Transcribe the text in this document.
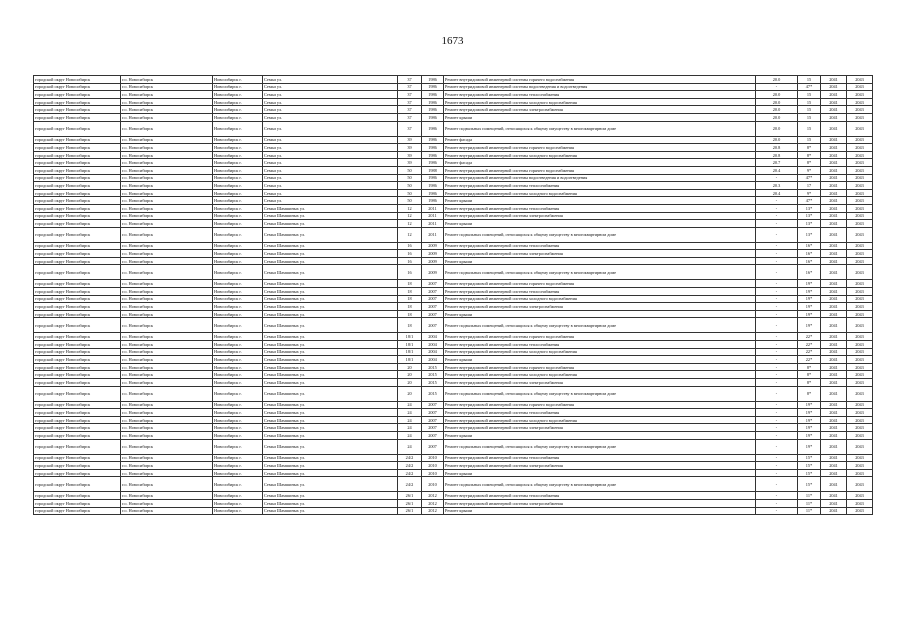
1673
городской округ Новосибирск	г.о. Новосибирск	Новосибирск г.	Семьи ул.	37	1986	Ремонт внутридомовой инженерной системы горячего водоснабжения	20.0	15	2041	2043
городской округ Новосибирск	г.о. Новосибирск	Новосибирск г.	Семьи ул.	37	1986	Ремонт внутридомовой инженерной системы водоотведения и водоотведения	-	47*	2041	2043
городской округ Новосибирск	г.о. Новосибирск	Новосибирск г.	Семьи ул.	37	1986	Ремонт внутридомовой инженерной системы теплоснабжения	20.0	15	2041	2043
городской округ Новосибирск	г.о. Новосибирск	Новосибирск г.	Семьи ул.	37	1986	Ремонт внутридомовой инженерной системы холодного водоснабжения	20.0	15	2041	2043
городской округ Новосибирск	г.о. Новосибирск	Новосибирск г.	Семьи ул.	37	1986	Ремонт внутридомовой инженерной системы электроснабжения	20.0	15	2041	2043
городской округ Новосибирск	г.о. Новосибирск	Новосибирск г.	Семьи ул.	37	1986	Ремонт крыши	20.0	15	2041	2043
городской округ Новосибирск	г.о. Новосибирск	Новосибирск г.	Семьи ул.	37	1986	Ремонт подвальных помещений, относящихся к общему имуществу в многоквартирном доме	20.0	15	2041	2043
городской округ Новосибирск	г.о. Новосибирск	Новосибирск г.	Семьи ул.	39	1986	Ремонт фасада	20.0	15	2041	2043
городской округ Новосибирск	г.о. Новосибирск	Новосибирск г.	Семьи ул.	39	1986	Ремонт внутридомовой инженерной системы горячего водоснабжения	20.8	8*	2041	2043
городской округ Новосибирск	г.о. Новосибирск	Новосибирск г.	Семьи ул.	39	1986	Ремонт внутридомовой инженерной системы холодного водоснабжения	20.8	8*	2041	2043
городской округ Новосибирск	г.о. Новосибирск	Новосибирск г.	Семьи ул.	39	1986	Ремонт фасада	20.7	8*	2041	2043
городской округ Новосибирск	г.о. Новосибирск	Новосибирск г.	Семьи ул.	50	1988	Ремонт внутридомовой инженерной системы горячего водоснабжения	20.4	9*	2041	2043
городской округ Новосибирск	г.о. Новосибирск	Новосибирск г.	Семьи ул.	50	1986	Ремонт внутридомовой инженерной системы водоотведения и водоотведения	-	47*	2041	2043
городской округ Новосибирск	г.о. Новосибирск	Новосибирск г.	Семьи ул.	50	1986	Ремонт внутридомовой инженерной системы теплоснабжения	20.3	17	2041	2043
городской округ Новосибирск	г.о. Новосибирск	Новосибирск г.	Семьи ул.	50	1986	Ремонт внутридомовой инженерной системы холодного водоснабжения	20.4	9*	2041	2043
городской округ Новосибирск	г.о. Новосибирск	Новосибирск г.	Семьи ул.	50	1986	Ремонт крыши	-	47*	2041	2043
городской округ Новосибирск	г.о. Новосибирск	Новосибирск г.	Семьи Шамшиных ул.	12	2011	Ремонт внутридомовой инженерной системы теплоснабжения	-	13*	2041	2043
городской округ Новосибирск	г.о. Новосибирск	Новосибирск г.	Семьи Шамшиных ул.	12	2011	Ремонт внутридомовой инженерной системы электроснабжения	-	13*	2041	2043
городской округ Новосибирск	г.о. Новосибирск	Новосибирск г.	Семьи Шамшиных ул.	12	2011	Ремонт крыши	-	13*	2041	2043
городской округ Новосибирск	г.о. Новосибирск	Новосибирск г.	Семьи Шамшиных ул.	12	2011	Ремонт подвальных помещений, относящихся к общему имуществу в многоквартирном доме	-	13*	2041	2043
городской округ Новосибирск	г.о. Новосибирск	Новосибирск г.	Семьи Шамшиных ул.	16	2009	Ремонт внутридомовой инженерной системы теплоснабжения	-	16*	2041	2043
городской округ Новосибирск	г.о. Новосибирск	Новосибирск г.	Семьи Шамшиных ул.	16	2009	Ремонт внутридомовой инженерной системы электроснабжения	-	16*	2041	2043
городской округ Новосибирск	г.о. Новосибирск	Новосибирск г.	Семьи Шамшиных ул.	16	2009	Ремонт крыши	-	16*	2041	2043
городской округ Новосибирск	г.о. Новосибирск	Новосибирск г.	Семьи Шамшиных ул.	16	2009	Ремонт подвальных помещений, относящихся к общему имуществу в многоквартирном доме	-	16*	2041	2043
городской округ Новосибирск	г.о. Новосибирск	Новосибирск г.	Семьи Шамшиных ул.	18	2007	Ремонт внутридомовой инженерной системы горячего водоснабжения	-	19*	2041	2043
городской округ Новосибирск	г.о. Новосибирск	Новосибирск г.	Семьи Шамшиных ул.	18	2007	Ремонт внутридомовой инженерной системы теплоснабжения	-	19*	2041	2043
городской округ Новосибирск	г.о. Новосибирск	Новосибирск г.	Семьи Шамшиных ул.	18	2007	Ремонт внутридомовой инженерной системы холодного водоснабжения	-	19*	2041	2043
городской округ Новосибирск	г.о. Новосибирск	Новосибирск г.	Семьи Шамшиных ул.	18	2007	Ремонт внутридомовой инженерной системы электроснабжения	-	19*	2041	2043
городской округ Новосибирск	г.о. Новосибирск	Новосибирск г.	Семьи Шамшиных ул.	18	2007	Ремонт крыши	-	19*	2041	2043
городской округ Новосибирск	г.о. Новосибирск	Новосибирск г.	Семьи Шамшиных ул.	18	2007	Ремонт подвальных помещений, относящихся к общему имуществу в многоквартирном доме	-	19*	2041	2043
городской округ Новосибирск	г.о. Новосибирск	Новосибирск г.	Семьи Шамшиных ул.	18/1	2004	Ремонт внутридомовой инженерной системы горячего водоснабжения	-	22*	2041	2043
городской округ Новосибирск	г.о. Новосибирск	Новосибирск г.	Семьи Шамшиных ул.	18/1	2004	Ремонт внутридомовой инженерной системы теплоснабжения	-	22*	2041	2043
городской округ Новосибирск	г.о. Новосибирск	Новосибирск г.	Семьи Шамшиных ул.	18/1	2004	Ремонт внутридомовой инженерной системы холодного водоснабжения	-	22*	2041	2043
городской округ Новосибирск	г.о. Новосибирск	Новосибирск г.	Семьи Шамшиных ул.	18/1	2004	Ремонт крыши	-	22*	2041	2043
городской округ Новосибирск	г.о. Новосибирск	Новосибирск г.	Семьи Шамшиных ул.	20	2015	Ремонт внутридомовой инженерной системы горячего водоснабжения	-	8*	2041	2043
городской округ Новосибирск	г.о. Новосибирск	Новосибирск г.	Семьи Шамшиных ул.	20	2015	Ремонт внутридомовой инженерной системы холодного водоснабжения	-	8*	2041	2043
городской округ Новосибирск	г.о. Новосибирск	Новосибирск г.	Семьи Шамшиных ул.	20	2015	Ремонт внутридомовой инженерной системы электроснабжения	-	8*	2041	2043
городской округ Новосибирск	г.о. Новосибирск	Новосибирск г.	Семьи Шамшиных ул.	20	2015	Ремонт подвальных помещений, относящихся к общему имуществу в многоквартирном доме	-	8*	2041	2043
городской округ Новосибирск	г.о. Новосибирск	Новосибирск г.	Семьи Шамшиных ул.	24	2007	Ремонт внутридомовой инженерной системы горячего водоснабжения	-	19*	2041	2043
городской округ Новосибирск	г.о. Новосибирск	Новосибирск г.	Семьи Шамшиных ул.	24	2007	Ремонт внутридомовой инженерной системы теплоснабжения	-	19*	2041	2043
городской округ Новосибирск	г.о. Новосибирск	Новосибирск г.	Семьи Шамшиных ул.	24	2007	Ремонт внутридомовой инженерной системы холодного водоснабжения	-	19*	2041	2043
городской округ Новосибирск	г.о. Новосибирск	Новосибирск г.	Семьи Шамшиных ул.	24	2007	Ремонт внутридомовой инженерной системы электроснабжения	-	19*	2041	2043
городской округ Новосибирск	г.о. Новосибирск	Новосибирск г.	Семьи Шамшиных ул.	24	2007	Ремонт крыши	-	19*	2041	2043
городской округ Новосибирск	г.о. Новосибирск	Новосибирск г.	Семьи Шамшиных ул.	24	2007	Ремонт подвальных помещений, относящихся к общему имуществу в многоквартирном доме	-	19*	2041	2043
городской округ Новосибирск	г.о. Новосибирск	Новосибирск г.	Семьи Шамшиных ул.	24/2	2010	Ремонт внутридомовой инженерной системы теплоснабжения	-	15*	2041	2043
городской округ Новосибирск	г.о. Новосибирск	Новосибирск г.	Семьи Шамшиных ул.	24/2	2010	Ремонт внутридомовой инженерной системы электроснабжения	-	15*	2041	2043
городской округ Новосибирск	г.о. Новосибирск	Новосибирск г.	Семьи Шамшиных ул.	24/2	2010	Ремонт крыши	-	15*	2041	2043
городской округ Новосибирск	г.о. Новосибирск	Новосибирск г.	Семьи Шамшиных ул.	24/2	2010	Ремонт подвальных помещений, относящихся к общему имуществу в многоквартирном доме	-	15*	2041	2043
городской округ Новосибирск	г.о. Новосибирск	Новосибирск г.	Семьи Шамшиных ул.	26/1	2012	Ремонт внутридомовой инженерной системы теплоснабжения	-	11*	2041	2043
городской округ Новосибирск	г.о. Новосибирск	Новосибирск г.	Семьи Шамшиных ул.	26/1	2012	Ремонт внутридомовой инженерной системы электроснабжения	-	11*	2041	2043
городской округ Новосибирск	г.о. Новосибирск	Новосибирск г.	Семьи Шамшиных ул.	26/1	2012	Ремонт крыши	-	11*	2041	2043
